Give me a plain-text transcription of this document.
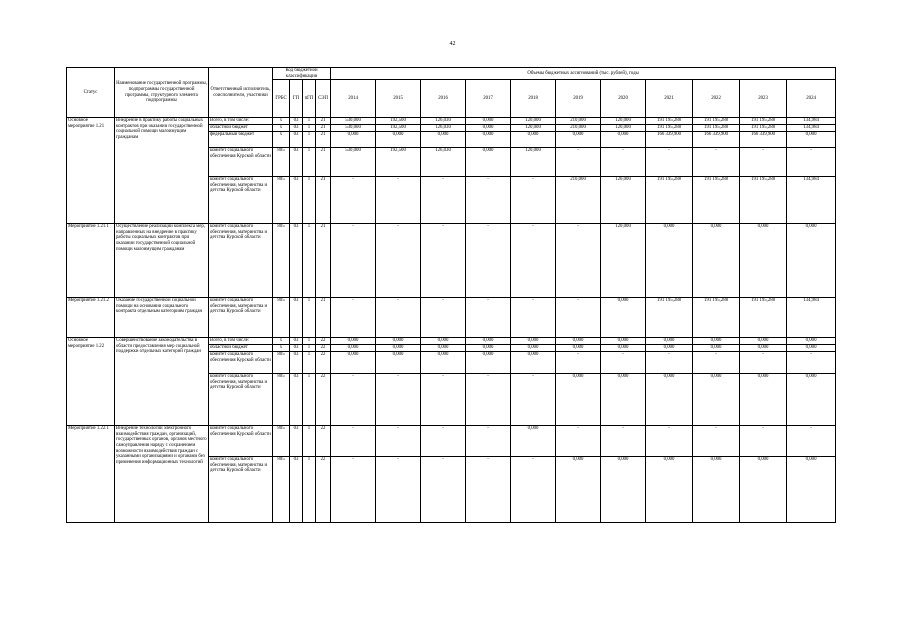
42
Статус	Наименование государственной программы, подпрограммы государственной программы, структурного элемента подпрограммы	Ответственный исполнитель, соисполнители, участники	Код бюджетной классификации				Объемы бюджетных ассигнований (тыс. рублей), годы										
			ГРБС	ГП	пГП	СЭП	2014	2015	2016	2017	2018	2019	2020	2021	2022	2023	2024
Основное мероприятие 1.21	Внедрение в практику работы социальных контрактов при оказании государственной социальной помощи малоимущим гражданам	Всего, в том числе:	х	03	1	21	530,000	192,500	126,030	0,000	120,000	210,000	120,000	191 195,288	191 195,288	191 195,288	134,984
		областной бюджет	х	03	1	21	530,000	192,500	126,030	0,000	120,000	210,000	120,000	191 195,288	191 195,288	191 195,288	134,984
		федеральный бюджет	х	03	1	21	0,000	0,000	0,000	0,000	0,000	0,000	0,000	166 339,900	166 339,900	166 339,900	0,000
		комитет социального обеспечения Курской области	805	03	1	21	530,000	192,500	126,030	0,000	120,000	-	-	-	-	-	-
		комитет социального обеспечения, материнства и детства Курской области	805	03	1	21	-	-	-	-	-	210,000	120,000	191 195,288	191 195,288	191 195,288	134,984
Мероприятие 1.21.1	Осуществление реализации комплекса мер, направленных на внедрение в практику работы социальных контрактов при оказании государственной социальной помощи малоимущим гражданам	комитет социального обеспечения, материнства и детства Курской области	805	03	1	21	-	-	-	-	-	-	120,000	0,000	0,000	0,000	0,000
Мероприятие 1.21.2	Оказание государственной социальной помощи на основании социального контракта отдельным категориям граждан	комитет социального обеспечения, материнства и детства Курской области	805	03	1	21	-	-	-	-	-	-	0,000	191 195,288	191 195,288	191 195,288	134,984
Основное мероприятие 1.22	Совершенствование законодательства в области предоставления мер социальной поддержки отдельных категорий граждан	Всего, в том числе:	х	03	1	22	0,000	0,000	0,000	0,000	0,000	0,000	0,000	0,000	0,000	0,000	0,000
		областной бюджет	х	03	1	22	0,000	0,000	0,000	0,000	0,000	0,000	0,000	0,000	0,000	0,000	0,000
		комитет социального обеспечения Курской области	805	03	1	22	0,000	0,000	0,000	0,000	0,000	-	-	-	-	-	-
		комитет социального обеспечения, материнства и детства Курской области	805	03	1	22	-	-	-	-	-	0,000	0,000	0,000	0,000	0,000	0,000
Мероприятие 1.22.1	Внедрение технологий электронного взаимодействия граждан, организаций, государственных органов, органов местного самоуправления наряду с сохранением возможности взаимодействия граждан с указанными организациями и органами без применения информационных технологий	комитет социального обеспечения Курской области	805	03	1	22	-	-	-	-	0,000	-	-	-	-	-	-
		комитет социального обеспечения, материнства и детства Курской области	805	03	1	22	-	-	-	-	-	0,000	0,000	0,000	0,000	0,000	0,000
